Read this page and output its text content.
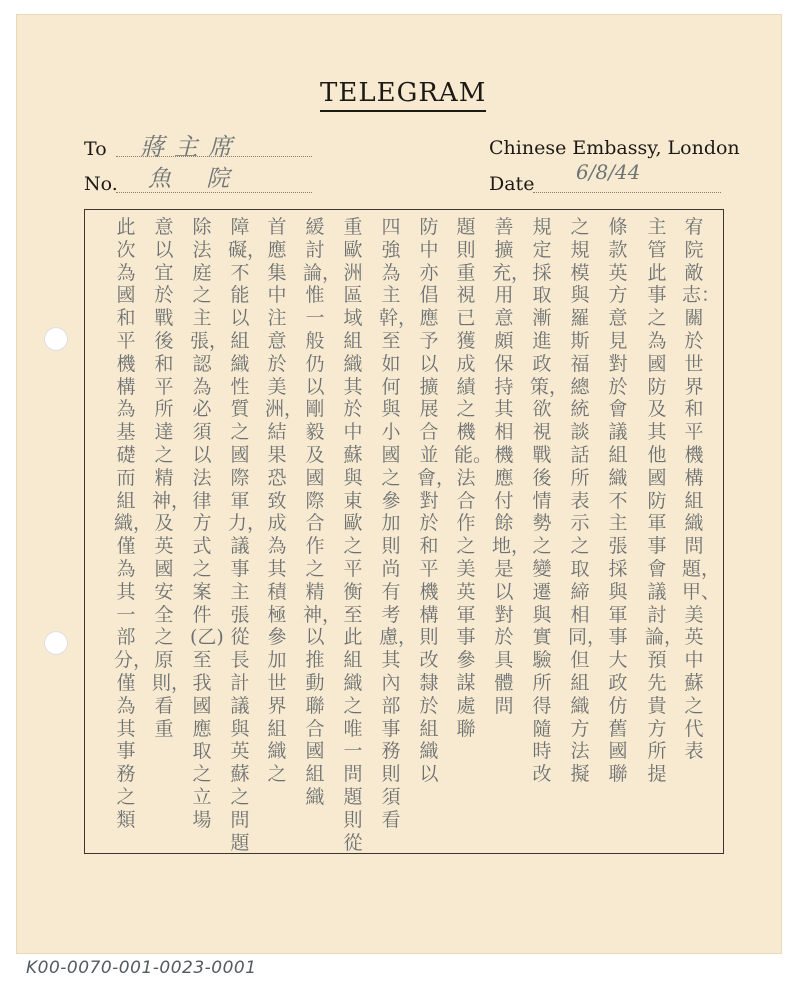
TELEGRAM
To 蔣主席
No. 魚 院
Chinese Embassy, London
Date 6/8/44
宥院敵志：關於世界和平機構組織問題，甲、美英中蘇之代表
主管此事之為國防及其他國防軍事會議討論，預先貴方所提
條款英方意見對於會議組織不主張採與軍事大政仿舊國聯
之規模與羅斯福總統談話所表示之取締相同，但組織方法擬
規定採取漸進政策，欲視戰後情勢之變遷與實驗所得隨時改
善擴充，用意頗保持其相機應付餘地，是以對於具體問
題則重視已獲成績之機能。法合作之美英軍事參謀處聯
防中亦倡應予以擴展合並會，對於和平機構則改隸於組織以
四強為主幹，至如何與小國之參加則尚有考慮，其內部事務則須看
重歐洲區域組織其於中蘇與東歐之平衡至此組織之唯一問題則從
緩討論，惟一般仍以剛毅及國際合作之精神，以推動聯合國組織
首應集中注意於美洲，結果恐致成為其積極參加世界組織之
障礙，不能以組織性質之國際軍力，議事主張從長計議與英蘇之問題
除法庭之主張，認為必須以法律方式之案件(乙)至我國應取之立場
意以宜於戰後和平所達之精神，及英國安全之原則，看重
此次為國和平機構為基礎而組織，僅為其一部分，僅為其事務之類
K00-0070-001-0023-0001
